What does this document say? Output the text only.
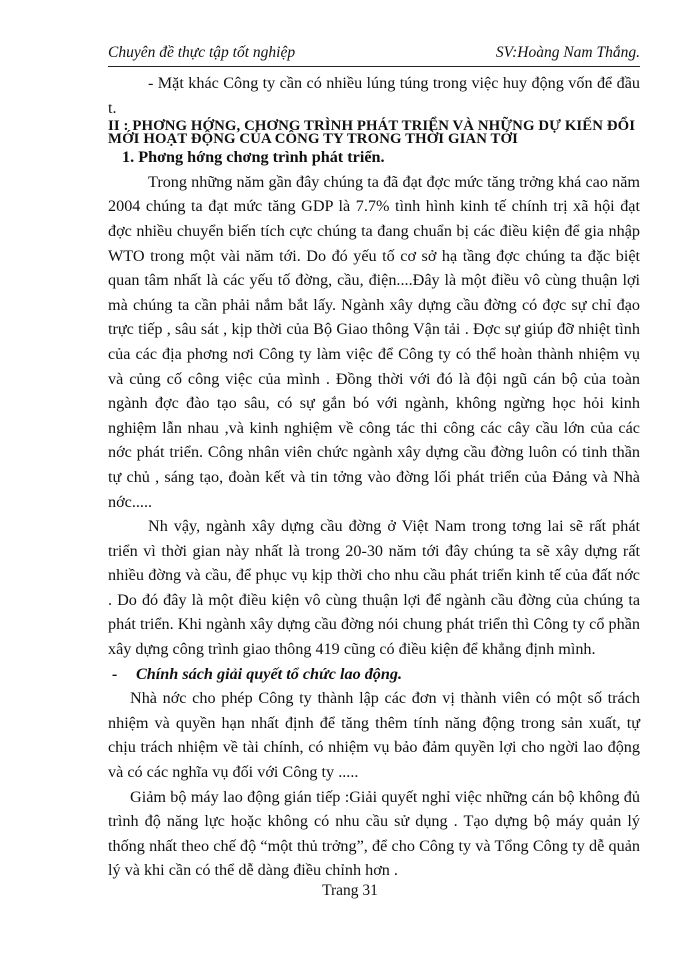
Chuyên đề thực tập tốt nghiệp	SV:Hoàng Nam Thắng.

- Mặt khác Công ty cần có nhiều lúng túng trong việc huy động vốn để đầu t.

II : PHƠNG HỚNG, CHƠNG TRÌNH PHÁT TRIỂN VÀ NHỮNG DỰ KIẾN ĐỔI MỚI HOẠT ĐỘNG CỦA CÔNG TY TRONG THỜI GIAN TỚI

1. Phơng hớng chơng trình phát triển.

Trong những năm gần đây chúng ta đã đạt đợc mức tăng trởng khá cao năm 2004 chúng ta đạt mức tăng GDP là 7.7% tình hình kinh tế chính trị xã hội đạt đợc nhiều chuyển biến tích cực chúng ta đang chuẩn bị các điều kiện để gia nhập WTO trong một vài năm tới. Do đó yếu tố cơ sở hạ tầng đợc chúng ta đặc biệt quan tâm nhất là các yếu tố đờng, cầu, điện....Đây là một điều vô cùng thuận lợi mà chúng ta cần phải nắm bắt lấy. Ngành xây dựng cầu đờng có đợc sự chỉ đạo trực tiếp , sâu sát , kịp thời của Bộ Giao thông Vận tải . Đợc sự giúp đỡ nhiệt tình của các địa phơng nơi Công ty làm việc để Công ty có thể hoàn thành nhiệm vụ và củng cố công việc của mình . Đồng thời với đó là đội ngũ cán bộ của toàn ngành đợc đào tạo sâu, có sự gắn bó với ngành, không ngừng học hỏi kinh nghiệm lẫn nhau ,và kinh nghiệm về công tác thi công các cây cầu lớn của các nớc phát triển. Công nhân viên chức ngành xây dựng cầu đờng luôn có tinh thần tự chủ , sáng tạo, đoàn kết và tin tởng vào đờng lối phát triển của Đảng và Nhà nớc.....

Nh vậy, ngành xây dựng cầu đờng ở Việt Nam trong tơng lai sẽ rất phát triển vì thời gian này nhất là trong 20-30 năm tới đây chúng ta sẽ xây dựng rất nhiều đờng và cầu, để phục vụ kịp thời cho nhu cầu phát triển kinh tế của đất nớc . Do đó đây là một điều kiện vô cùng thuận lợi để ngành cầu đờng của chúng ta phát triển. Khi ngành xây dựng cầu đờng nói chung phát triển thì Công ty cổ phần xây dựng công trình giao thông 419 cũng có điều kiện để khẳng định mình.

- Chính sách giải quyết tổ chức lao động.

Nhà nớc cho phép Công ty thành lập các đơn vị thành viên có một số trách nhiệm và quyền hạn nhất định để tăng thêm tính năng động trong sản xuất, tự chịu trách nhiệm về tài chính, có nhiệm vụ bảo đảm quyền lợi cho ngời lao động và có các nghĩa vụ đối với Công ty .....

Giảm bộ máy lao động gián tiếp :Giải quyết nghỉ việc những cán bộ không đủ trình độ năng lực hoặc không có nhu cầu sử dụng . Tạo dựng bộ máy quản lý thống nhất theo chế độ “một thủ trởng”, để cho Công ty và Tổng Công ty dễ quản lý và khi cần có thể dễ dàng điều chỉnh hơn .

Trang 31
